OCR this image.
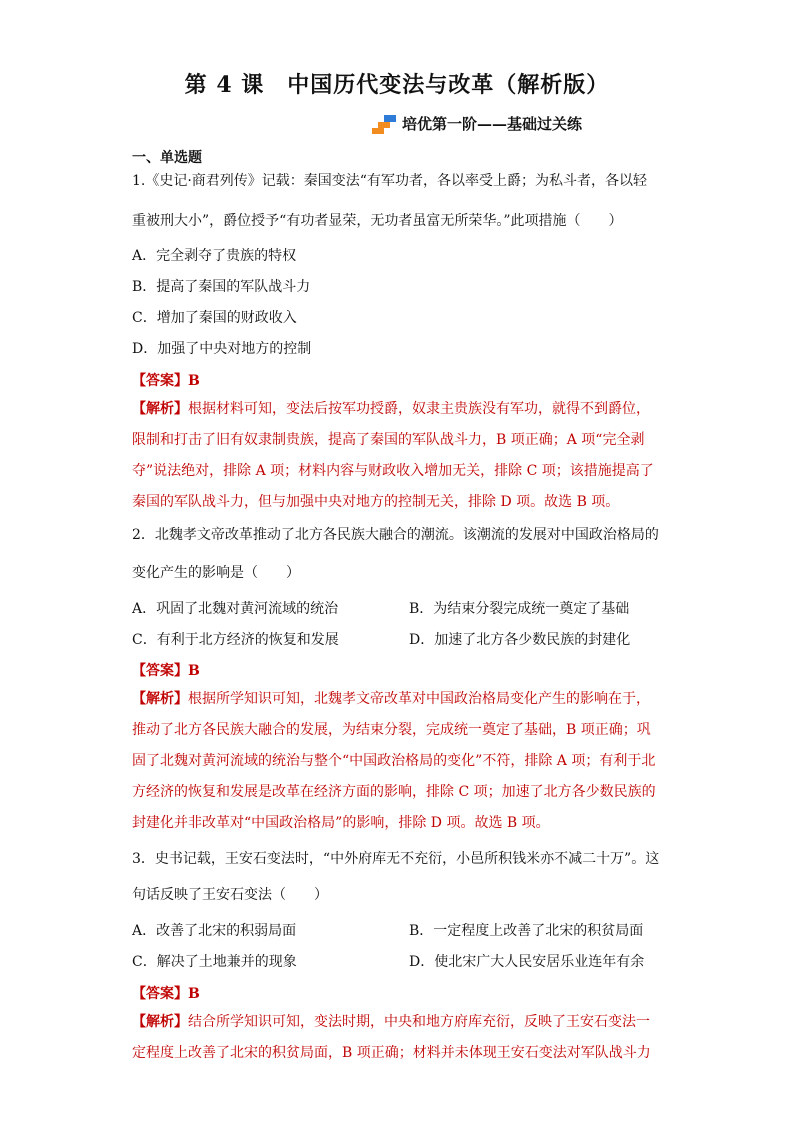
第 4 课　中国历代变法与改革（解析版）
培优第一阶——基础过关练
一、单选题
1.《史记·商君列传》记载：秦国变法“有军功者，各以率受上爵；为私斗者，各以轻
重被刑大小”，爵位授予“有功者显荣，无功者虽富无所荣华。”此项措施（　　）
A．完全剥夺了贵族的特权
B．提高了秦国的军队战斗力
C．增加了秦国的财政收入
D．加强了中央对地方的控制
【答案】B
【解析】根据材料可知，变法后按军功授爵，奴隶主贵族没有军功，就得不到爵位，限制和打击了旧有奴隶制贵族，提高了秦国的军队战斗力，B 项正确；A 项“完全剥夺”说法绝对，排除 A 项；材料内容与财政收入增加无关，排除 C 项；该措施提高了秦国的军队战斗力，但与加强中央对地方的控制无关，排除 D 项。故选 B 项。
2．北魏孝文帝改革推动了北方各民族大融合的潮流。该潮流的发展对中国政治格局的
变化产生的影响是（　　）
A．巩固了北魏对黄河流域的统治	B．为结束分裂完成统一奠定了基础
C．有利于北方经济的恢复和发展	D．加速了北方各少数民族的封建化
【答案】B
【解析】根据所学知识可知，北魏孝文帝改革对中国政治格局变化产生的影响在于，推动了北方各民族大融合的发展，为结束分裂，完成统一奠定了基础，B 项正确；巩固了北魏对黄河流域的统治与整个“中国政治格局的变化”不符，排除 A 项；有利于北方经济的恢复和发展是改革在经济方面的影响，排除 C 项；加速了北方各少数民族的封建化并非改革对“中国政治格局”的影响，排除 D 项。故选 B 项。
3．史书记载，王安石变法时，“中外府库无不充衍，小邑所积钱米亦不减二十万”。这
句话反映了王安石变法（　　）
A．改善了北宋的积弱局面	B．一定程度上改善了北宋的积贫局面
C．解决了土地兼并的现象	D．使北宋广大人民安居乐业连年有余
【答案】B
【解析】结合所学知识可知，变法时期，中央和地方府库充衍，反映了王安石变法一定程度上改善了北宋的积贫局面，B 项正确；材料并未体现王安石变法对军队战斗力
